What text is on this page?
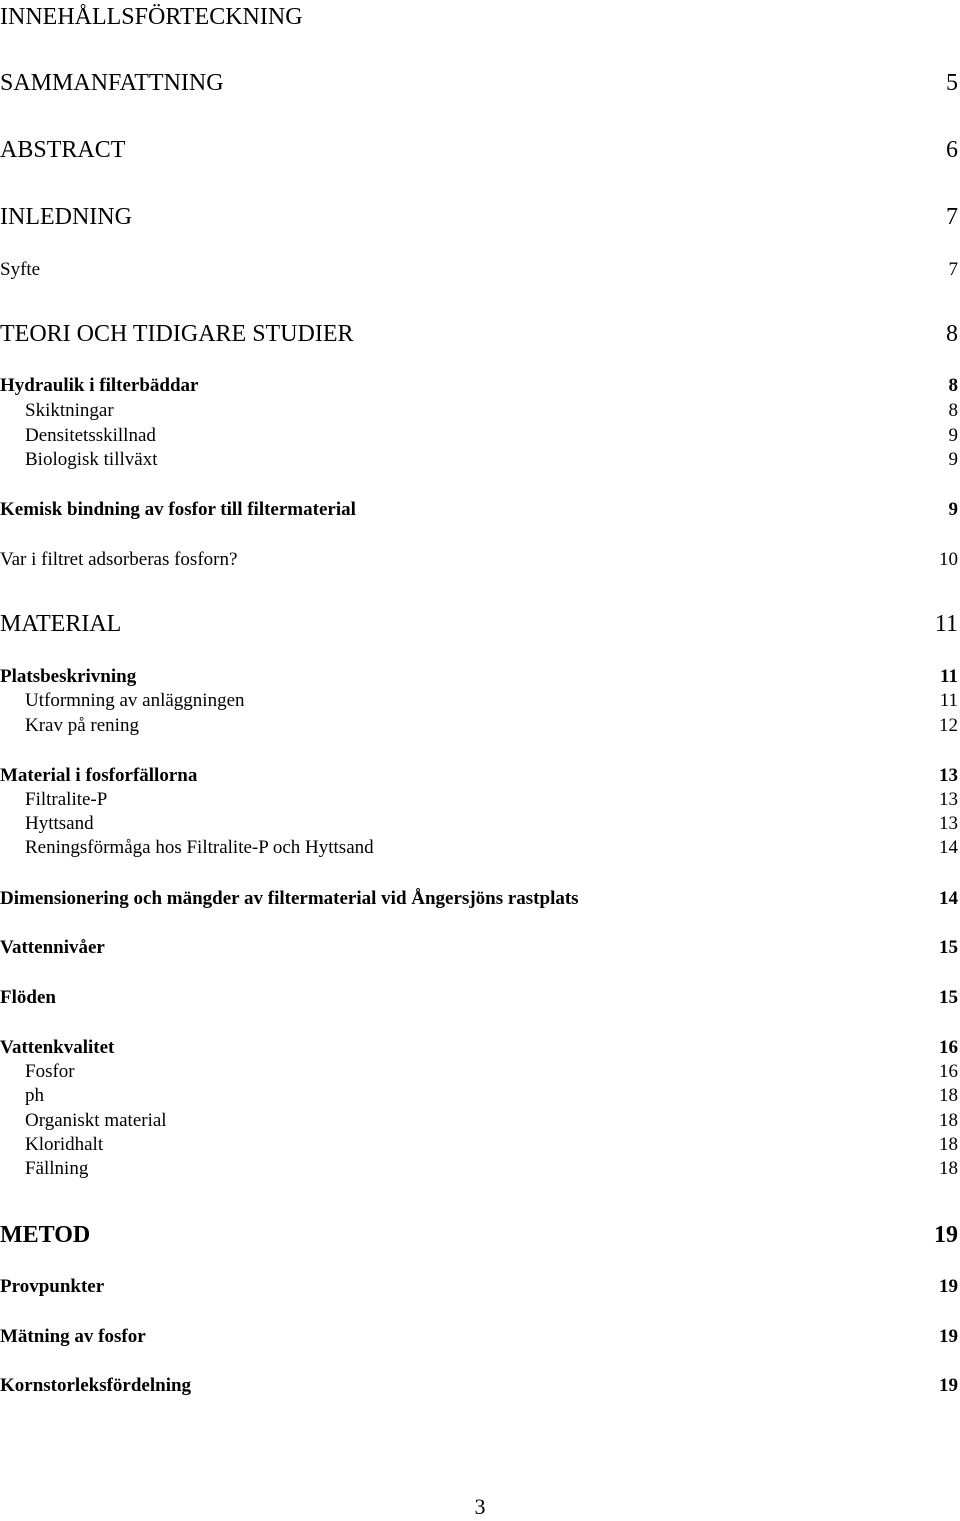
INNEHÅLLSFÖRTECKNING
SAMMANFATTNING	5
ABSTRACT	6
INLEDNING	7
Syfte	7
TEORI OCH TIDIGARE STUDIER	8
Hydraulik i filterbäddar	8
Skiktningar	8
Densitetsskillnad	9
Biologisk tillväxt	9
Kemisk bindning av fosfor till filtermaterial	9
Var i filtret adsorberas fosforn?	10
MATERIAL	11
Platsbeskrivning	11
Utformning av anläggningen	11
Krav på rening	12
Material i fosforfällorna	13
Filtralite-P	13
Hyttsand	13
Reningsförmåga hos Filtralite-P och Hyttsand	14
Dimensionering och mängder av filtermaterial vid Ångersjöns rastplats	14
Vattennivåer	15
Flöden	15
Vattenkvalitet	16
Fosfor	16
ph	18
Organiskt material	18
Kloridhalt	18
Fällning	18
METOD	19
Provpunkter	19
Mätning av fosfor	19
Kornstorleksfördelning	19
3
